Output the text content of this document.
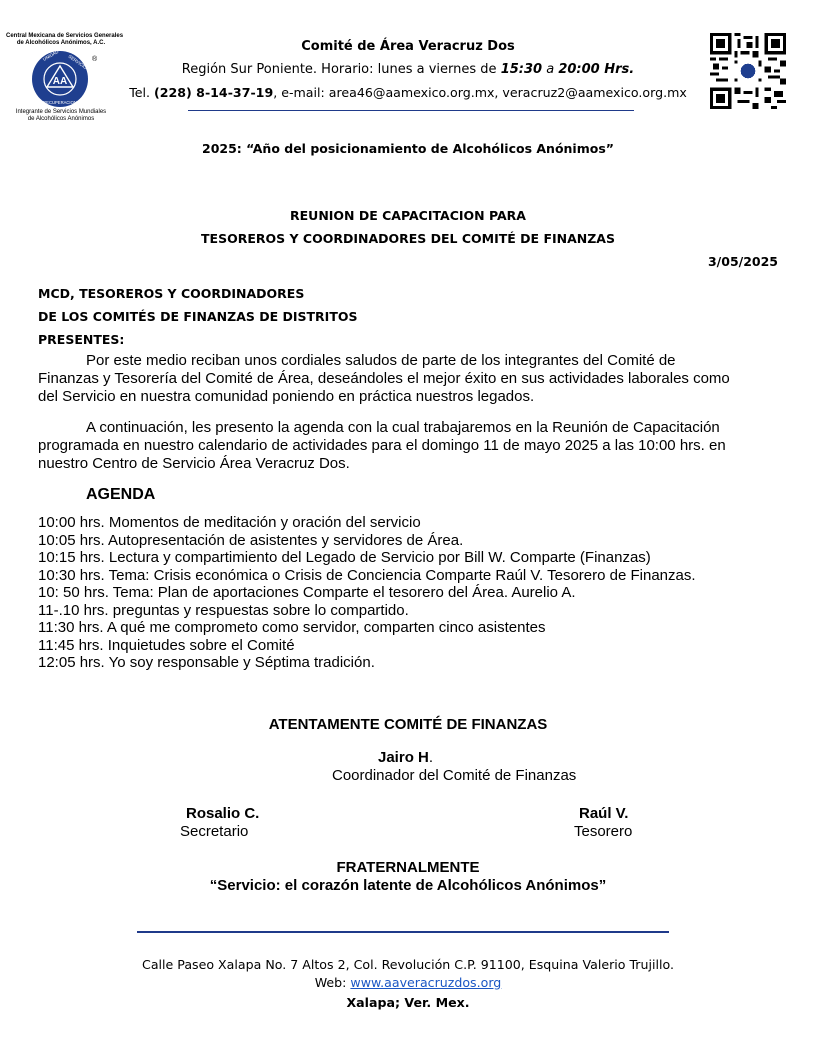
Central Mexicana de Servicios Generales
de Alcohólicos Anónimos, A.C.
AA
UNIDAD SERVICIO
RECUPERACION
®
Integrante de Servicios Mundiales
de Alcohólicos Anónimos
Comité de Área Veracruz Dos
Región Sur Poniente. Horario: lunes a viernes de 15:30 a 20:00 Hrs.
Tel. (228) 8-14-37-19, e-mail: area46@aamexico.org.mx, veracruz2@aamexico.org.mx
2025: “Año del posicionamiento de Alcohólicos Anónimos”
REUNION DE CAPACITACION PARA
TESOREROS Y COORDINADORES DEL COMITÉ DE FINANZAS
3/05/2025
MCD, TESOREROS Y COORDINADORES
DE LOS COMITÉS DE FINANZAS DE DISTRITOS
PRESENTES:
Por este medio reciban unos cordiales saludos de parte de los integrantes del Comité de
Finanzas y Tesorería del Comité de Área, deseándoles el mejor éxito en sus actividades laborales como
del Servicio en nuestra comunidad poniendo en práctica nuestros legados.
A continuación, les presento la agenda con la cual trabajaremos en la Reunión de Capacitación
programada en nuestro calendario de actividades para el domingo 11 de mayo 2025 a las 10:00 hrs. en
nuestro Centro de Servicio Área Veracruz Dos.
AGENDA
10:00 hrs. Momentos de meditación y oración del servicio
10:05 hrs. Autopresentación de asistentes y servidores de Área.
10:15 hrs. Lectura y compartimiento del Legado de Servicio por Bill W. Comparte (Finanzas)
10:30 hrs. Tema: Crisis económica o Crisis de Conciencia Comparte Raúl V. Tesorero de Finanzas.
10: 50 hrs. Tema: Plan de aportaciones Comparte el tesorero del Área. Aurelio A.
11-.10 hrs. preguntas y respuestas sobre lo compartido.
11:30 hrs. A qué me comprometo como servidor, comparten cinco asistentes
11:45 hrs. Inquietudes sobre el Comité
12:05 hrs. Yo soy responsable y Séptima tradición.
ATENTAMENTE COMITÉ DE FINANZAS
Jairo H.
Coordinador del Comité de Finanzas
Rosalio C.
Secretario
Raúl V.
Tesorero
FRATERNALMENTE
“Servicio: el corazón latente de Alcohólicos Anónimos”
Calle Paseo Xalapa No. 7 Altos 2, Col. Revolución C.P. 91100, Esquina Valerio Trujillo.
Web: www.aaveracruzdos.org
Xalapa; Ver. Mex.
